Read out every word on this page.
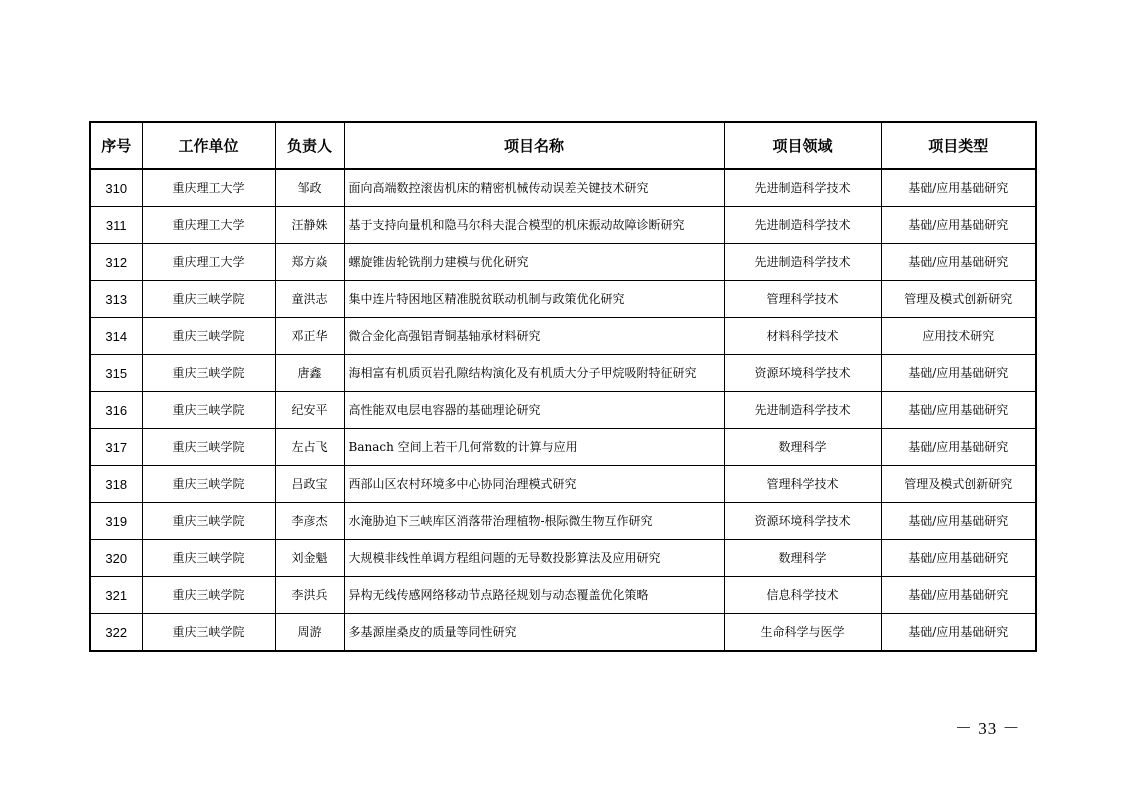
序号	工作单位	负责人	项目名称	项目领域	项目类型
310	重庆理工大学	邹政	面向高端数控滚齿机床的精密机械传动误差关键技术研究	先进制造科学技术	基础/应用基础研究
311	重庆理工大学	汪静姝	基于支持向量机和隐马尔科夫混合模型的机床振动故障诊断研究	先进制造科学技术	基础/应用基础研究
312	重庆理工大学	郑方焱	螺旋锥齿轮铣削力建模与优化研究	先进制造科学技术	基础/应用基础研究
313	重庆三峡学院	童洪志	集中连片特困地区精准脱贫联动机制与政策优化研究	管理科学技术	管理及模式创新研究
314	重庆三峡学院	邓正华	微合金化高强铝青铜基轴承材料研究	材料科学技术	应用技术研究
315	重庆三峡学院	唐鑫	海相富有机质页岩孔隙结构演化及有机质大分子甲烷吸附特征研究	资源环境科学技术	基础/应用基础研究
316	重庆三峡学院	纪安平	高性能双电层电容器的基础理论研究	先进制造科学技术	基础/应用基础研究
317	重庆三峡学院	左占飞	Banach 空间上若干几何常数的计算与应用	数理科学	基础/应用基础研究
318	重庆三峡学院	吕政宝	西部山区农村环境多中心协同治理模式研究	管理科学技术	管理及模式创新研究
319	重庆三峡学院	李彦杰	水淹胁迫下三峡库区消落带治理植物-根际微生物互作研究	资源环境科学技术	基础/应用基础研究
320	重庆三峡学院	刘金魁	大规模非线性单调方程组问题的无导数投影算法及应用研究	数理科学	基础/应用基础研究
321	重庆三峡学院	李洪兵	异构无线传感网络移动节点路径规划与动态覆盖优化策略	信息科学技术	基础/应用基础研究
322	重庆三峡学院	周游	多基源崖桑皮的质量等同性研究	生命科学与医学	基础/应用基础研究
－ 33 －
